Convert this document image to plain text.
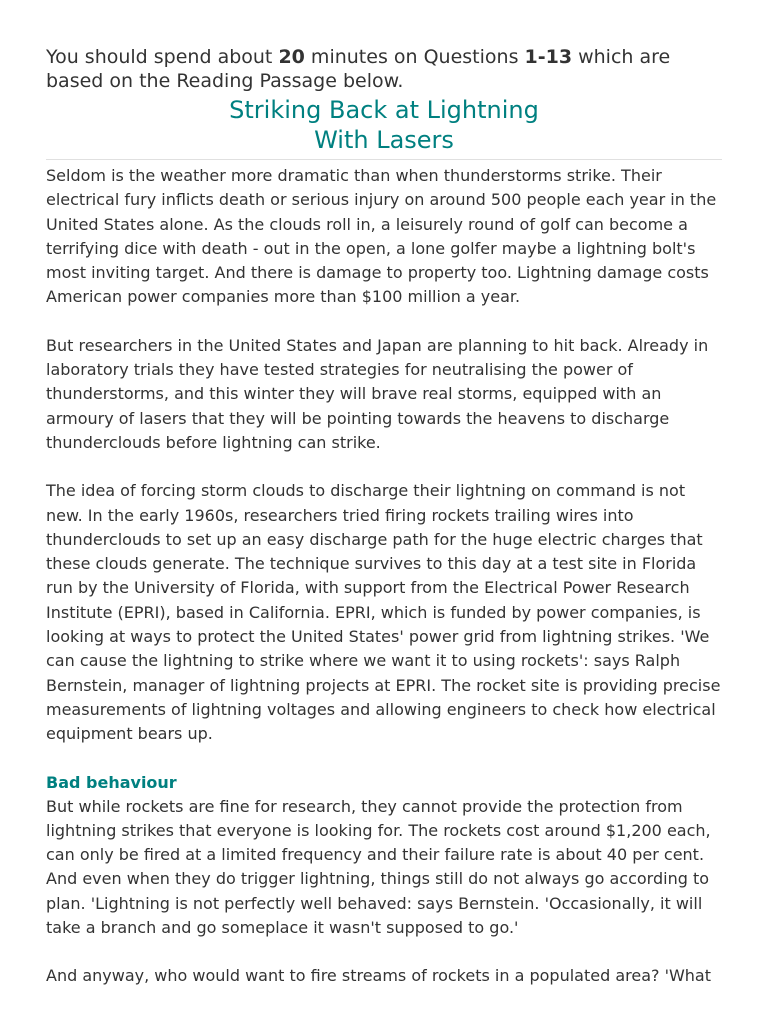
You should spend about 20 minutes on Questions 1-13 which are based on the Reading Passage below.

Striking Back at Lightning
With Lasers

Seldom is the weather more dramatic than when thunderstorms strike. Their electrical fury inflicts death or serious injury on around 500 people each year in the United States alone. As the clouds roll in, a leisurely round of golf can become a terrifying dice with death - out in the open, a lone golfer maybe a lightning bolt's most inviting target. And there is damage to property too. Lightning damage costs American power companies more than $100 million a year.

But researchers in the United States and Japan are planning to hit back. Already in laboratory trials they have tested strategies for neutralising the power of thunderstorms, and this winter they will brave real storms, equipped with an armoury of lasers that they will be pointing towards the heavens to discharge thunderclouds before lightning can strike.

The idea of forcing storm clouds to discharge their lightning on command is not new. In the early 1960s, researchers tried firing rockets trailing wires into thunderclouds to set up an easy discharge path for the huge electric charges that these clouds generate. The technique survives to this day at a test site in Florida run by the University of Florida, with support from the Electrical Power Research Institute (EPRI), based in California. EPRI, which is funded by power companies, is looking at ways to protect the United States' power grid from lightning strikes. 'We can cause the lightning to strike where we want it to using rockets': says Ralph Bernstein, manager of lightning projects at EPRI. The rocket site is providing precise measurements of lightning voltages and allowing engineers to check how electrical equipment bears up.

Bad behaviour

But while rockets are fine for research, they cannot provide the protection from lightning strikes that everyone is looking for. The rockets cost around $1,200 each, can only be fired at a limited frequency and their failure rate is about 40 per cent. And even when they do trigger lightning, things still do not always go according to plan. 'Lightning is not perfectly well behaved: says Bernstein. 'Occasionally, it will take a branch and go someplace it wasn't supposed to go.'

And anyway, who would want to fire streams of rockets in a populated area? 'What
